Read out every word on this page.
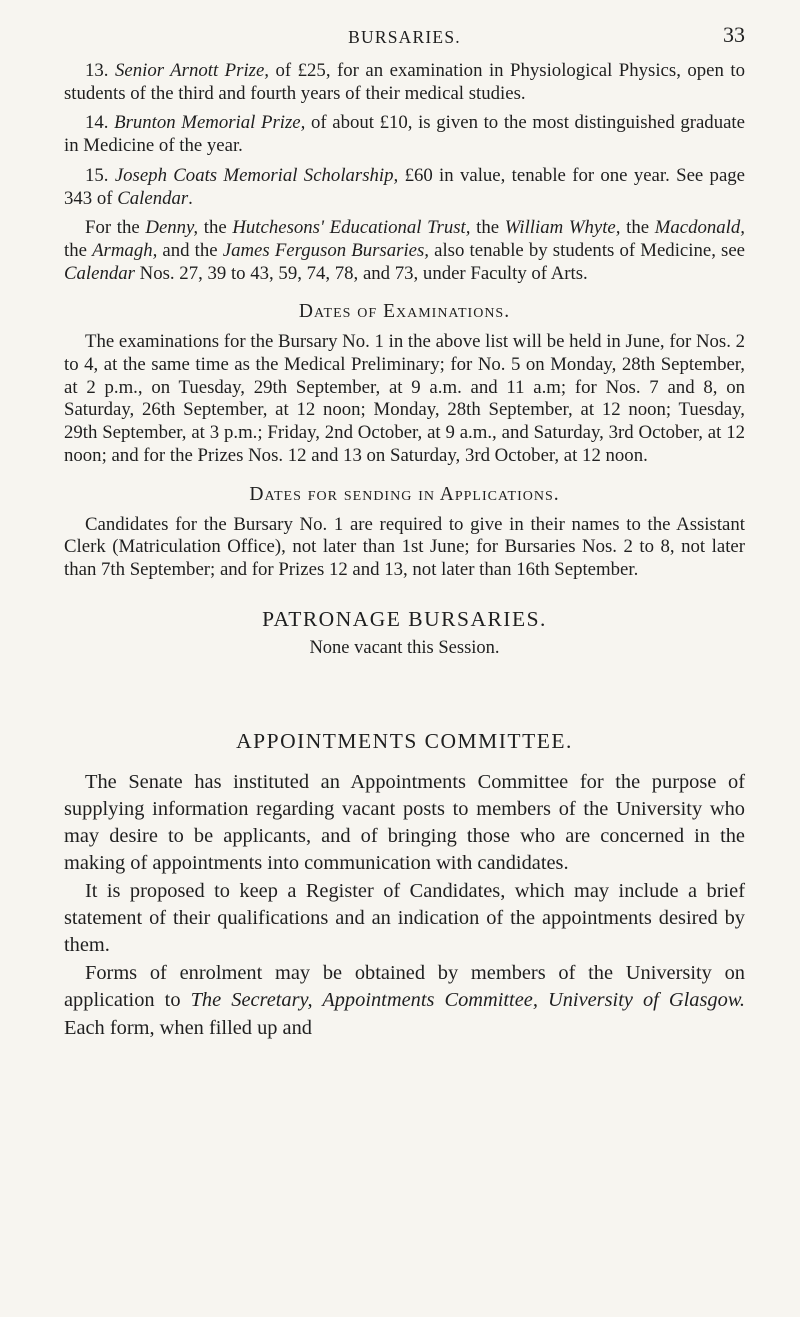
BURSARIES.	33

13. Senior Arnott Prize, of £25, for an examination in Physiological Physics, open to students of the third and fourth years of their medical studies.

14. Brunton Memorial Prize, of about £10, is given to the most distinguished graduate in Medicine of the year.

15. Joseph Coats Memorial Scholarship, £60 in value, tenable for one year. See page 343 of Calendar.

For the Denny, the Hutchesons' Educational Trust, the William Whyte, the Macdonald, the Armagh, and the James Ferguson Bursaries, also tenable by students of Medicine, see Calendar Nos. 27, 39 to 43, 59, 74, 78, and 73, under Faculty of Arts.

Dates of Examinations.

The examinations for the Bursary No. 1 in the above list will be held in June, for Nos. 2 to 4, at the same time as the Medical Preliminary; for No. 5 on Monday, 28th September, at 2 p.m., on Tuesday, 29th September, at 9 a.m. and 11 a.m; for Nos. 7 and 8, on Saturday, 26th September, at 12 noon; Monday, 28th September, at 12 noon; Tuesday, 29th September, at 3 p.m.; Friday, 2nd October, at 9 a.m., and Saturday, 3rd October, at 12 noon; and for the Prizes Nos. 12 and 13 on Saturday, 3rd October, at 12 noon.

Dates for sending in Applications.

Candidates for the Bursary No. 1 are required to give in their names to the Assistant Clerk (Matriculation Office), not later than 1st June; for Bursaries Nos. 2 to 8, not later than 7th September; and for Prizes 12 and 13, not later than 16th September.

PATRONAGE BURSARIES.
None vacant this Session.
APPOINTMENTS COMMITTEE.

The Senate has instituted an Appointments Committee for the purpose of supplying information regarding vacant posts to members of the University who may desire to be applicants, and of bringing those who are concerned in the making of appointments into communication with candidates.

It is proposed to keep a Register of Candidates, which may include a brief statement of their qualifications and an indication of the appointments desired by them.

Forms of enrolment may be obtained by members of the University on application to The Secretary, Appointments Committee, University of Glasgow. Each form, when filled up and
